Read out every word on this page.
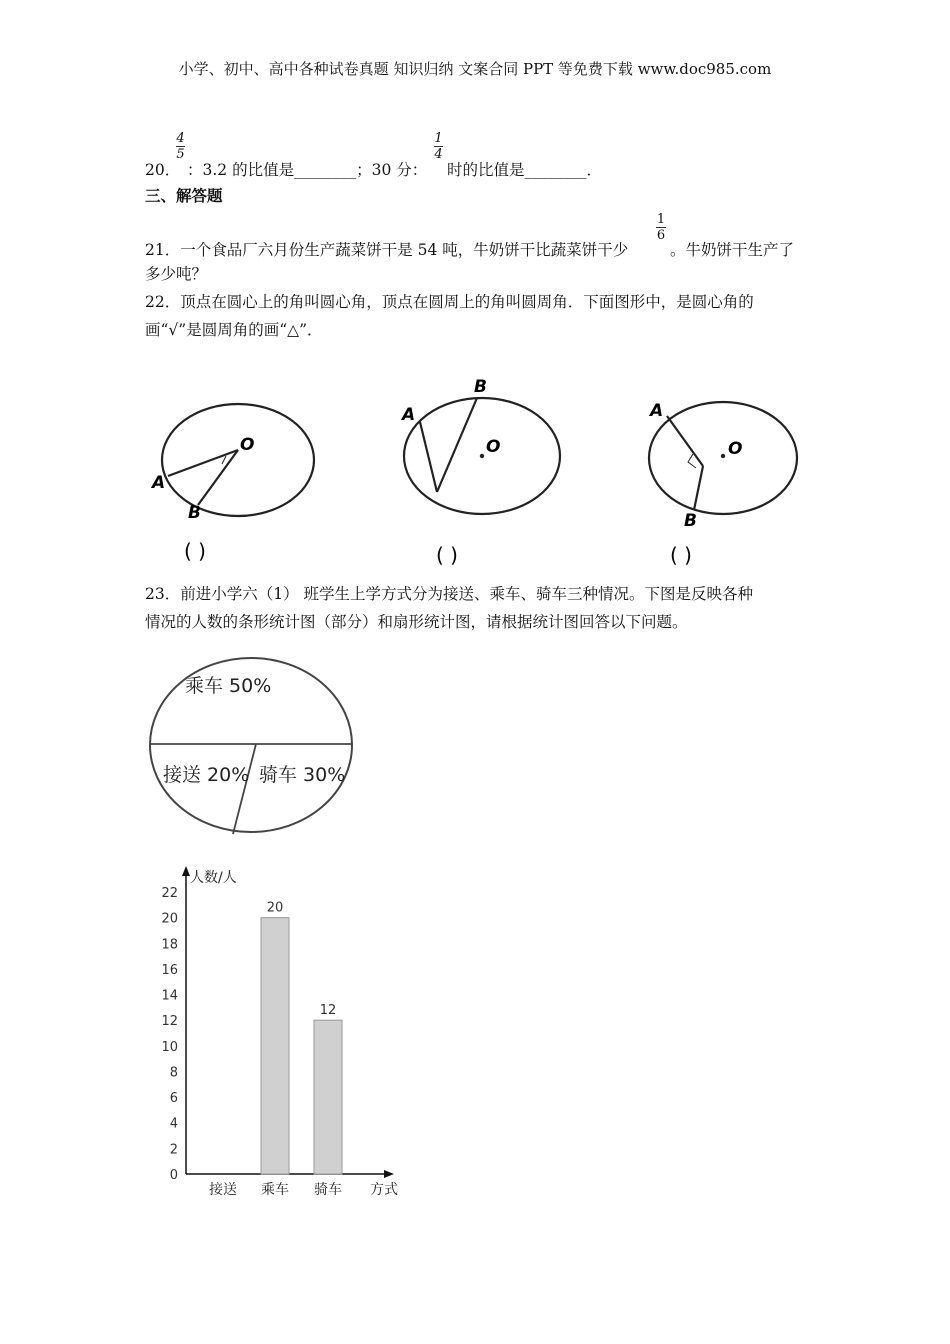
小学、初中、高中各种试卷真题 知识归纳 文案合同 PPT 等免费下载 www.doc985.com
20．
4
5
：3.2 的比值是________；30 分：
1
4
时的比值是________．
三、解答题
21．一个食品厂六月份生产蔬菜饼干是 54 吨，牛奶饼干比蔬菜饼干少
1
6
。牛奶饼干生产了
多少吨？
22．顶点在圆心上的角叫圆心角，顶点在圆周上的角叫圆周角．下面图形中，是圆心角的
画“√”是圆周角的画“△”．
O
A
B
( )
O
A
B
( )
O
A
B
( )
23．前进小学六（1） 班学生上学方式分为接送、乘车、骑车三种情况。下图是反映各种
情况的人数的条形统计图（部分）和扇形统计图，请根据统计图回答以下问题。
乘车 50%
接送 20% 骑车 30%
人数/人
方式
0
2
4
6
8
10
12
14
16
18
20
22
接送 乘车
20
骑车
12
